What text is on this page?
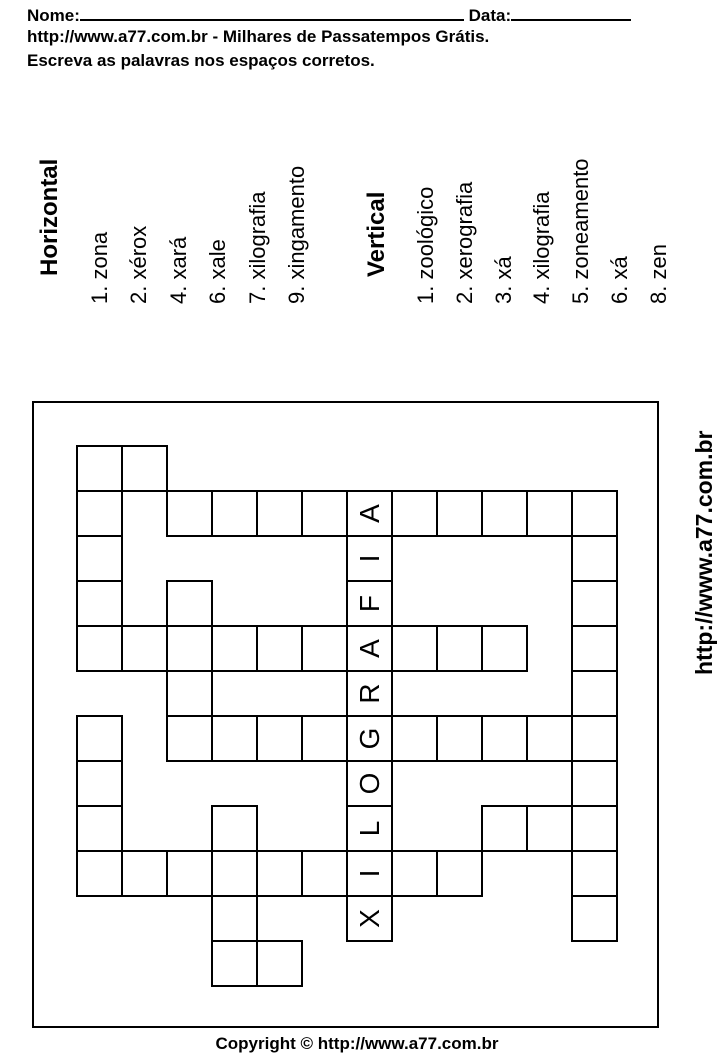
Nome:	Data:
http://www.a77.com.br - Milhares de Passatempos Grátis.
Escreva as palavras nos espaços corretos.
Horizontal 1. zona 2. xérox 4. xará 6. xale 7. xilografia 9. xingamento Vertical 1. zoológico 2. xerografia 3. xá 4. xilografia 5. zoneamento 6. xá 8. zen
http://www.a77.com.br
A
I
F
A
R
G
O
L
I
X
Copyright © http://www.a77.com.br
